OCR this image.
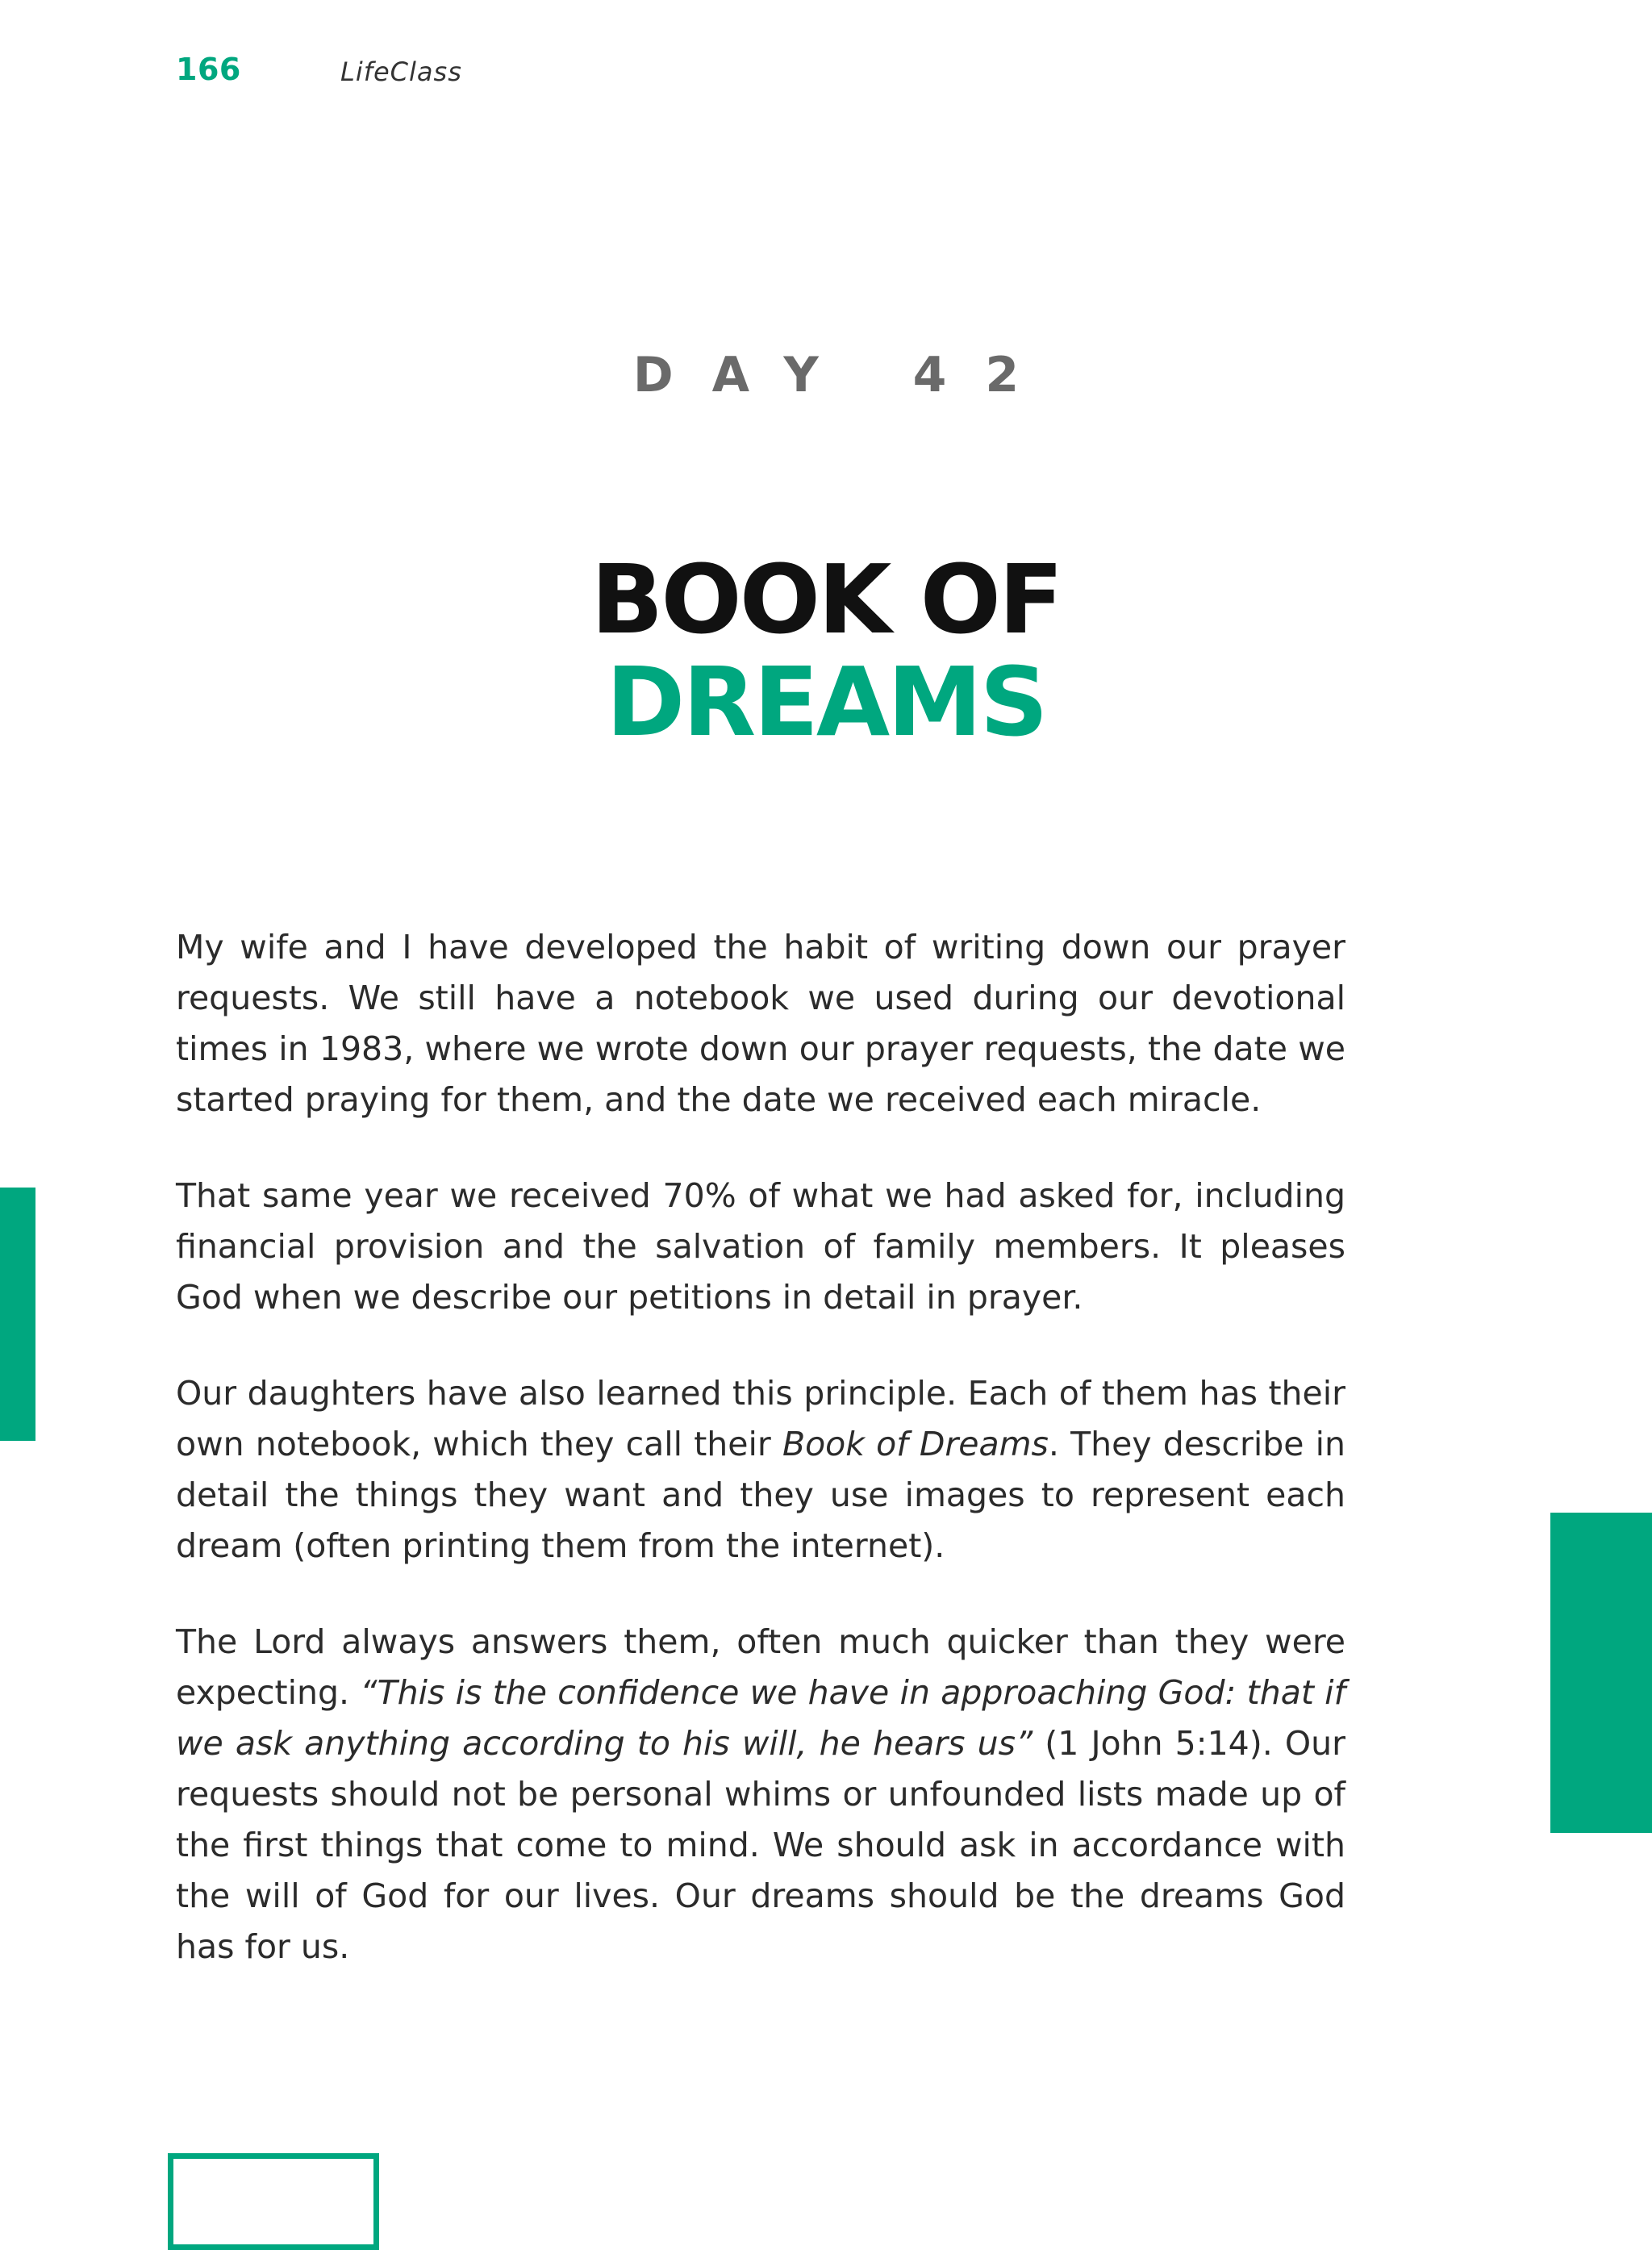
166	LifeClass
DAY 42
BOOK OF
DREAMS

My wife and I have developed the habit of writing down our prayer requests. We still have a notebook we used during our devotional times in 1983, where we wrote down our prayer requests, the date we started praying for them, and the date we received each miracle.

That same year we received 70% of what we had asked for, including financial provision and the salvation of family members. It pleases God when we describe our petitions in detail in prayer.

Our daughters have also learned this principle. Each of them has their own notebook, which they call their Book of Dreams. They describe in detail the things they want and they use images to represent each dream (often printing them from the internet).

The Lord always answers them, often much quicker than they were expecting. “This is the confidence we have in approaching God: that if we ask anything according to his will, he hears us” (1 John 5:14). Our requests should not be personal whims or unfounded lists made up of the first things that come to mind. We should ask in accordance with the will of God for our lives. Our dreams should be the dreams God has for us.
